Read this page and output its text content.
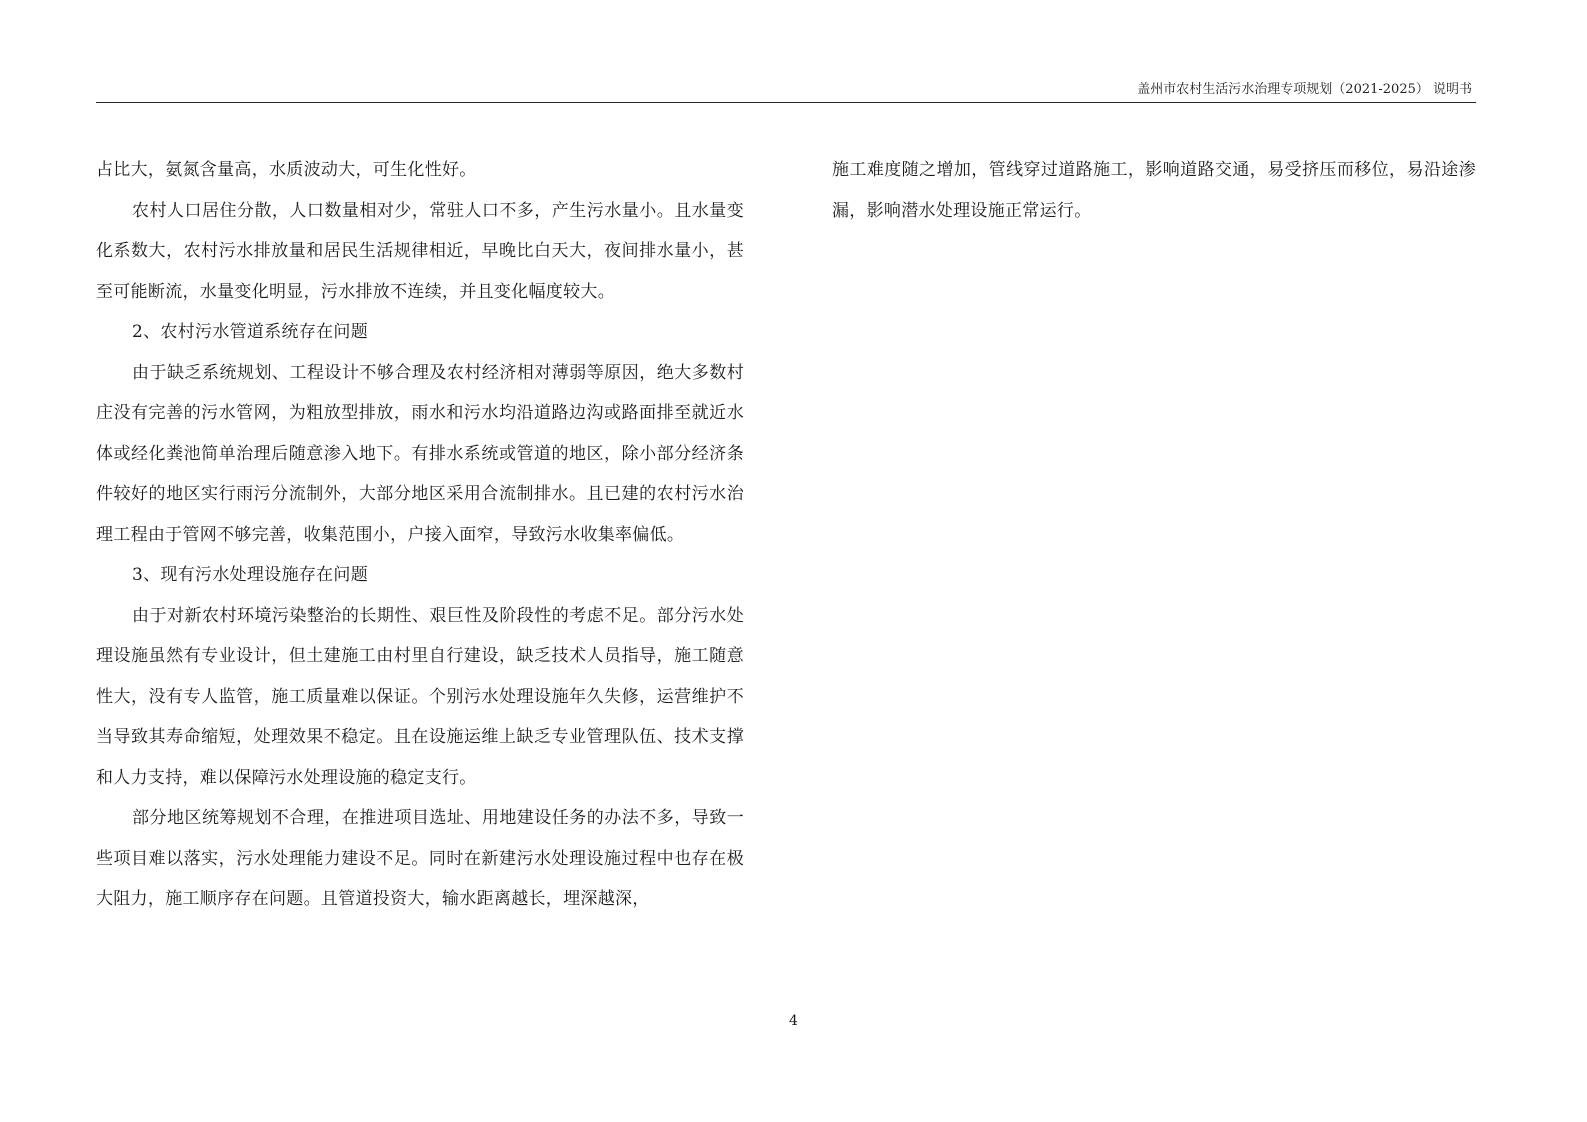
盖州市农村生活污水治理专项规划（2021-2025） 说明书

占比大，氨氮含量高，水质波动大，可生化性好。

农村人口居住分散，人口数量相对少，常驻人口不多，产生污水量小。且水量变化系数大，农村污水排放量和居民生活规律相近，早晚比白天大，夜间排水量小，甚至可能断流，水量变化明显，污水排放不连续，并且变化幅度较大。

2、农村污水管道系统存在问题

由于缺乏系统规划、工程设计不够合理及农村经济相对薄弱等原因，绝大多数村庄没有完善的污水管网，为粗放型排放，雨水和污水均沿道路边沟或路面排至就近水体或经化粪池简单治理后随意渗入地下。有排水系统或管道的地区，除小部分经济条件较好的地区实行雨污分流制外，大部分地区采用合流制排水。且已建的农村污水治理工程由于管网不够完善，收集范围小，户接入面窄，导致污水收集率偏低。

3、现有污水处理设施存在问题

由于对新农村环境污染整治的长期性、艰巨性及阶段性的考虑不足。部分污水处理设施虽然有专业设计，但土建施工由村里自行建设，缺乏技术人员指导，施工随意性大，没有专人监管，施工质量难以保证。个别污水处理设施年久失修，运营维护不当导致其寿命缩短，处理效果不稳定。且在设施运维上缺乏专业管理队伍、技术支撑和人力支持，难以保障污水处理设施的稳定支行。

部分地区统筹规划不合理，在推进项目选址、用地建设任务的办法不多，导致一些项目难以落实，污水处理能力建设不足。同时在新建污水处理设施过程中也存在极大阻力，施工顺序存在问题。且管道投资大，输水距离越长，埋深越深，

施工难度随之增加，管线穿过道路施工，影响道路交通，易受挤压而移位，易沿途渗漏，影响潜水处理设施正常运行。

4
